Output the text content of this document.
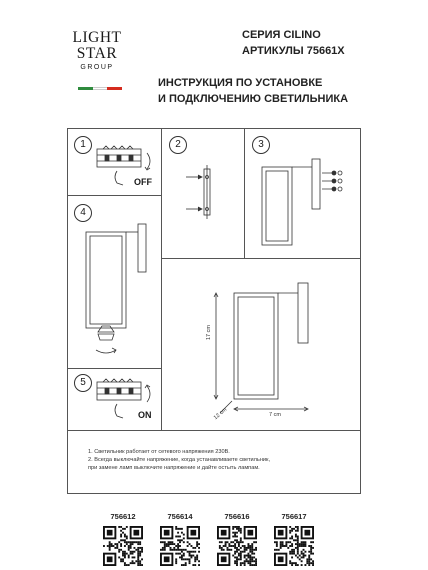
LIGHT
STAR
GROUP
СЕРИЯ CILINO
АРТИКУЛЫ 75661X
ИНСТРУКЦИЯ ПО УСТАНОВКЕ
И ПОДКЛЮЧЕНИЮ СВЕТИЛЬНИКА
1	2	3
4
5
OFF
ON
17 cm
12 cm	7 cm
1. Светильник работает от сетевого напряжения 230В.
2. Всегда выключайте напряжение, когда устанавливаете светильник,
при замене ламп выключите напряжение и дайте остыть лампам.
756612	756614	756616	756617
